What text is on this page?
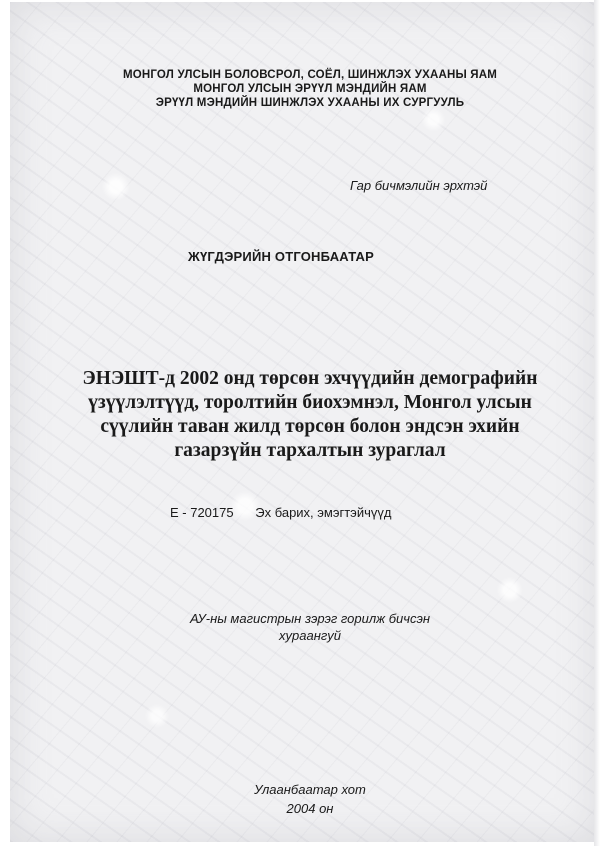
МОНГОЛ УЛСЫН БОЛОВСРОЛ, СОЁЛ, ШИНЖЛЭХ УХААНЫ ЯАМ
МОНГОЛ УЛСЫН ЭРҮҮЛ МЭНДИЙН ЯАМ
ЭРҮҮЛ МЭНДИЙН ШИНЖЛЭХ УХААНЫ ИХ СУРГУУЛЬ
Гар бичмэлийн эрхтэй
ЖҮГДЭРИЙН ОТГОНБААТАР
ЭНЭШТ-д 2002 онд төрсөн эхчүүдийн демографийн
үзүүлэлтүүд, торолтийн биохэмнэл, Монгол улсын
сүүлийн таван жилд төрсөн болон эндсэн эхийн
газарзүйн тархалтын зураглал
Е - 720175 Эх барих, эмэгтэйчүүд
АУ-ны магистрын зэрэг горилж бичсэн
хураангуй
Улаанбаатар хот
2004 он
